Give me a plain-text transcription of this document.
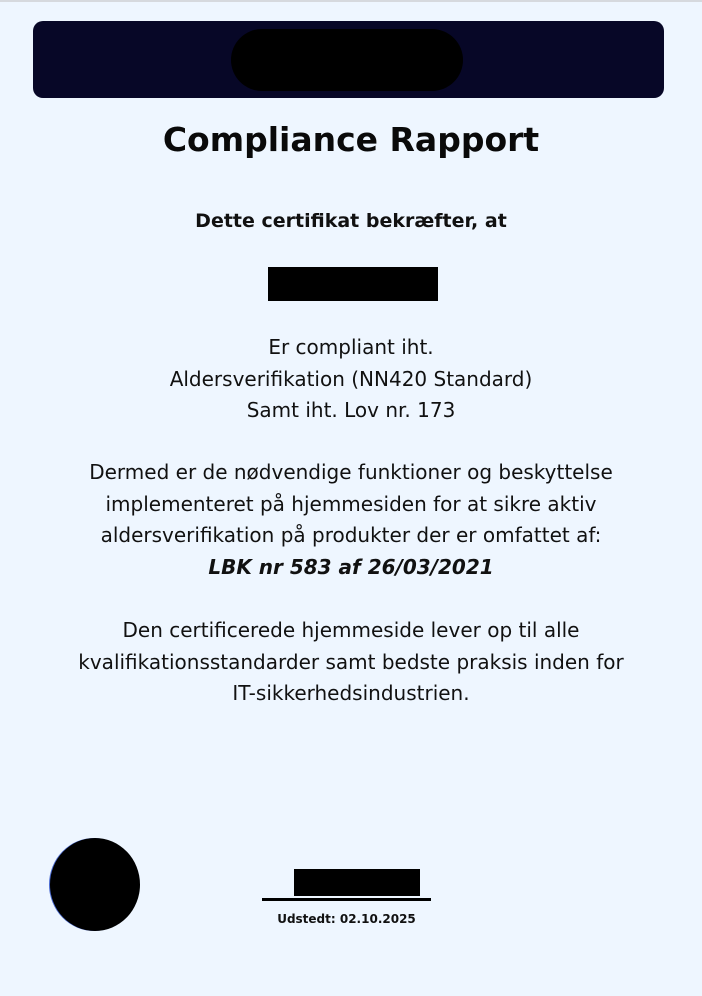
Compliance Rapport
Dette certifikat bekræfter, at
Er compliant iht.
Aldersverifikation (NN420 Standard)
Samt iht. Lov nr. 173
Dermed er de nødvendige funktioner og beskyttelse
implementeret på hjemmesiden for at sikre aktiv
aldersverifikation på produkter der er omfattet af:
LBK nr 583 af 26/03/2021
Den certificerede hjemmeside lever op til alle
kvalifikationsstandarder samt bedste praksis inden for
IT-sikkerhedsindustrien.
Udstedt: 02.10.2025
